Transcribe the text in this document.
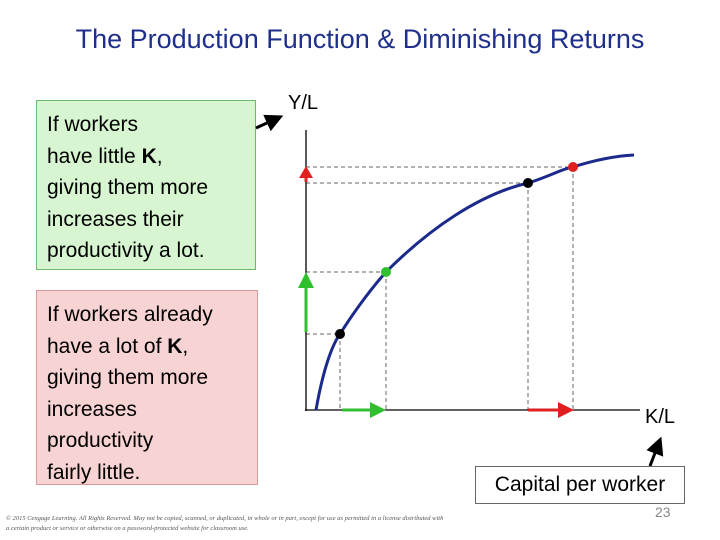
The Production Function & Diminishing Returns
If workers
have little K,
giving them more
increases their
productivity a lot.
If workers already
have a lot of K,
giving them more
increases
productivity
fairly little.
Y/L
K/L
Capital per worker
© 2015 Cengage Learning. All Rights Reserved. May not be copied, scanned, or duplicated, in whole or in part, except for use as permitted in a license distributed with a certain product or service or otherwise on a password-protected website for classroom use.
23
